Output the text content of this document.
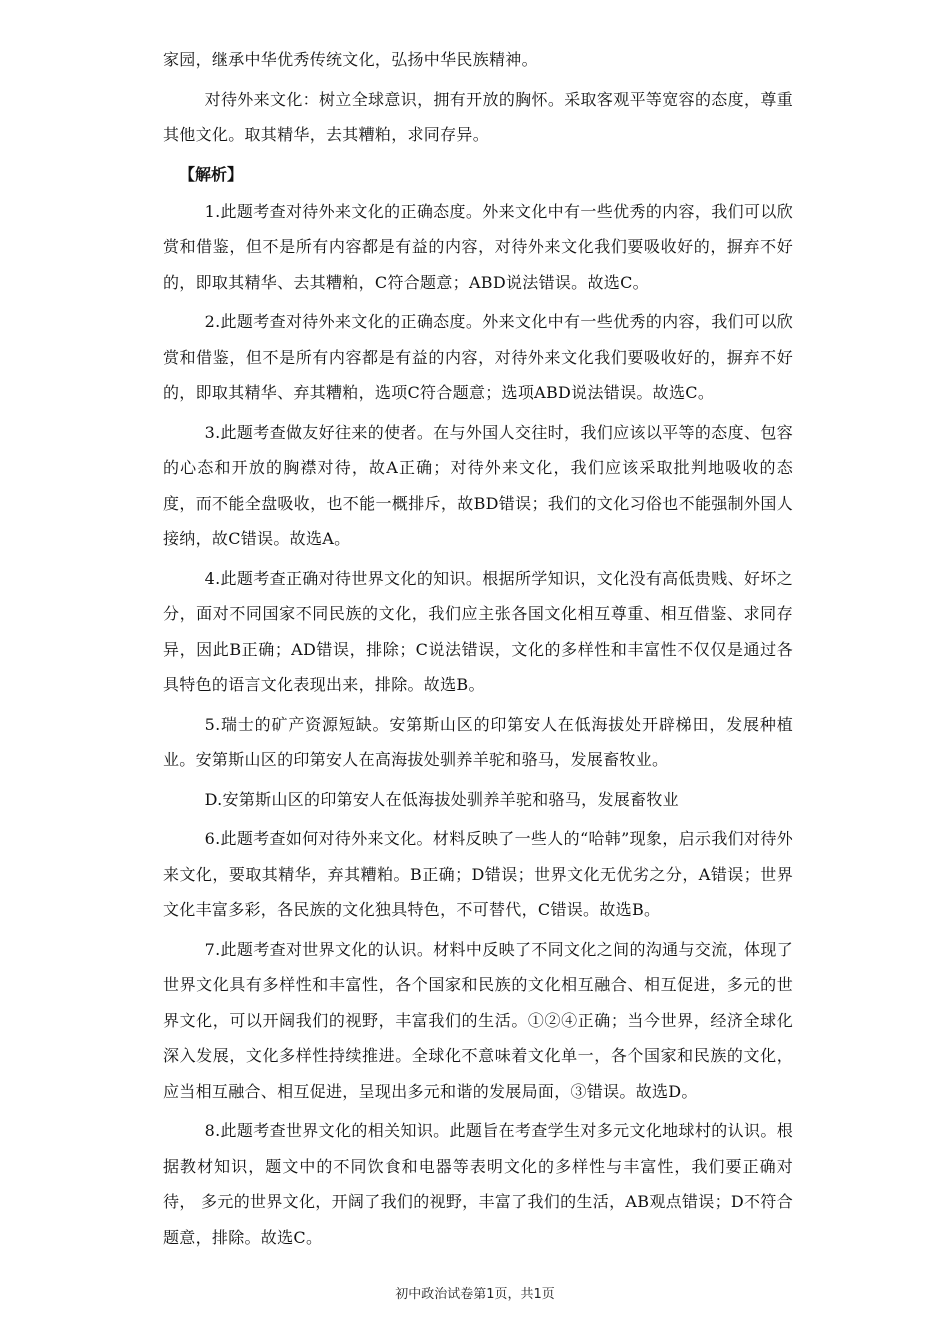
家园，继承中华优秀传统文化，弘扬中华民族精神。

对待外来文化：树立全球意识，拥有开放的胸怀。采取客观平等宽容的态度，尊重其他文化。取其精华，去其糟粕，求同存异。

【解析】

1.此题考查对待外来文化的正确态度。外来文化中有一些优秀的内容，我们可以欣赏和借鉴，但不是所有内容都是有益的内容，对待外来文化我们要吸收好的，摒弃不好的，即取其精华、去其糟粕，C符合题意；ABD说法错误。故选C。

2.此题考查对待外来文化的正确态度。外来文化中有一些优秀的内容，我们可以欣赏和借鉴，但不是所有内容都是有益的内容，对待外来文化我们要吸收好的，摒弃不好的，即取其精华、弃其糟粕，选项C符合题意；选项ABD说法错误。故选C。

3.此题考查做友好往来的使者。在与外国人交往时，我们应该以平等的态度、包容的心态和开放的胸襟对待，故A正确；对待外来文化，我们应该采取批判地吸收的态度，而不能全盘吸收，也不能一概排斥，故BD错误；我们的文化习俗也不能强制外国人接纳，故C错误。故选A。

4.此题考查正确对待世界文化的知识。根据所学知识，文化没有高低贵贱、好坏之分，面对不同国家不同民族的文化，我们应主张各国文化相互尊重、相互借鉴、求同存异，因此B正确；AD错误，排除；C说法错误，文化的多样性和丰富性不仅仅是通过各具特色的语言文化表现出来，排除。故选B。

5.瑞士的矿产资源短缺。安第斯山区的印第安人在低海拔处开辟梯田，发展种植业。安第斯山区的印第安人在高海拔处驯养羊驼和骆马，发展畜牧业。

D.安第斯山区的印第安人在低海拔处驯养羊驼和骆马，发展畜牧业

6.此题考查如何对待外来文化。材料反映了一些人的“哈韩”现象，启示我们对待外来文化，要取其精华，弃其糟粕。B正确；D错误；世界文化无优劣之分，A错误；世界文化丰富多彩，各民族的文化独具特色，不可替代，C错误。故选B。

7.此题考查对世界文化的认识。材料中反映了不同文化之间的沟通与交流，体现了世界文化具有多样性和丰富性，各个国家和民族的文化相互融合、相互促进，多元的世界文化，可以开阔我们的视野，丰富我们的生活。①②④正确；当今世界，经济全球化深入发展，文化多样性持续推进。全球化不意味着文化单一，各个国家和民族的文化，应当相互融合、相互促进，呈现出多元和谐的发展局面，③错误。故选D。

8.此题考查世界文化的相关知识。此题旨在考查学生对多元文化地球村的认识。根据教材知识，题文中的不同饮食和电器等表明文化的多样性与丰富性，我们要正确对待， 多元的世界文化，开阔了我们的视野，丰富了我们的生活，AB观点错误；D不符合题意，排除。故选C。

初中政治试卷第1页，共1页
